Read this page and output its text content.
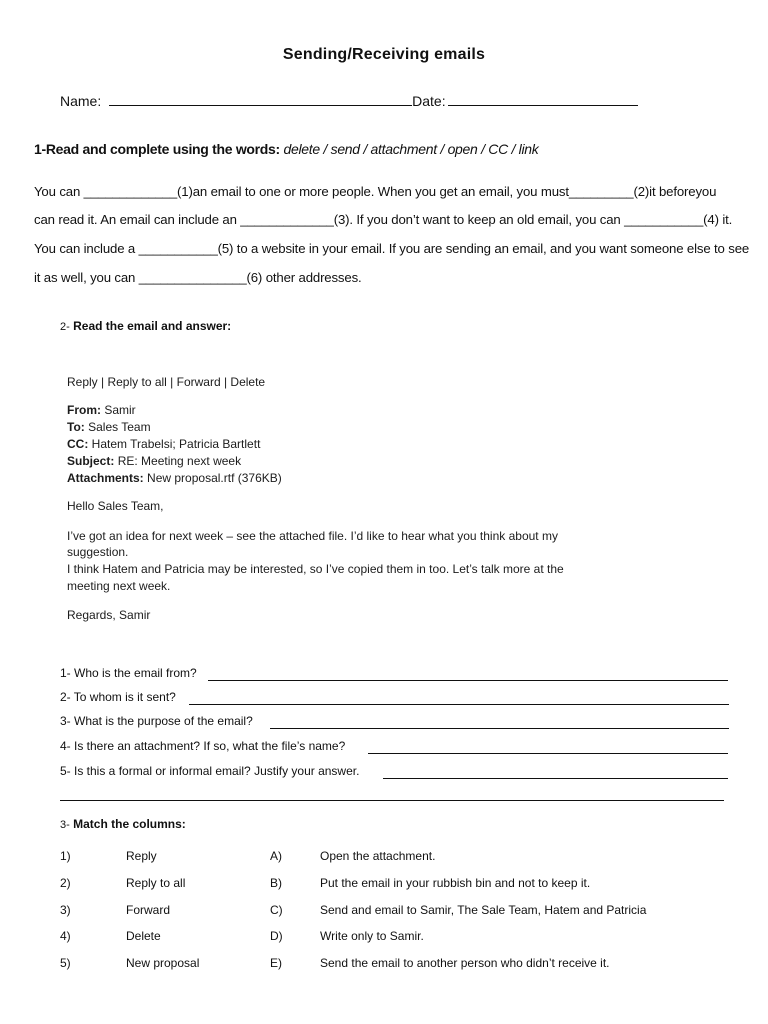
Sending/Receiving emails
Name:	Date:
1-Read and complete using the words: delete / send / attachment / open / CC / link
You can _____________(1)an email to one or more people. When you get an email, you must_________(2)it beforeyou
can read it. An email can include an _____________(3). If you don’t want to keep an old email, you can ___________(4) it.
You can include a ___________(5) to a website in your email. If you are sending an email, and you want someone else to see
it as well, you can _______________(6) other addresses.
2- Read the email and answer:
Reply | Reply to all | Forward | Delete
From: Samir
To: Sales Team
CC: Hatem Trabelsi; Patricia Bartlett
Subject: RE: Meeting next week
Attachments: New proposal.rtf (376KB)
Hello Sales Team,
I’ve got an idea for next week – see the attached file. I’d like to hear what you think about my
suggestion.
I think Hatem and Patricia may be interested, so I’ve copied them in too. Let’s talk more at the
meeting next week.
Regards, Samir
1- Who is the email from?
2- To whom is it sent?
3- What is the purpose of the email?
4- Is there an attachment? If so, what the file’s name?
5- Is this a formal or informal email? Justify your answer.
3- Match the columns:
1)	Reply	A)	Open the attachment.
2)	Reply to all	B)	Put the email in your rubbish bin and not to keep it.
3)	Forward	C)	Send and email to Samir, The Sale Team, Hatem and Patricia
4)	Delete	D)	Write only to Samir.
5)	New proposal	E)	Send the email to another person who didn’t receive it.
